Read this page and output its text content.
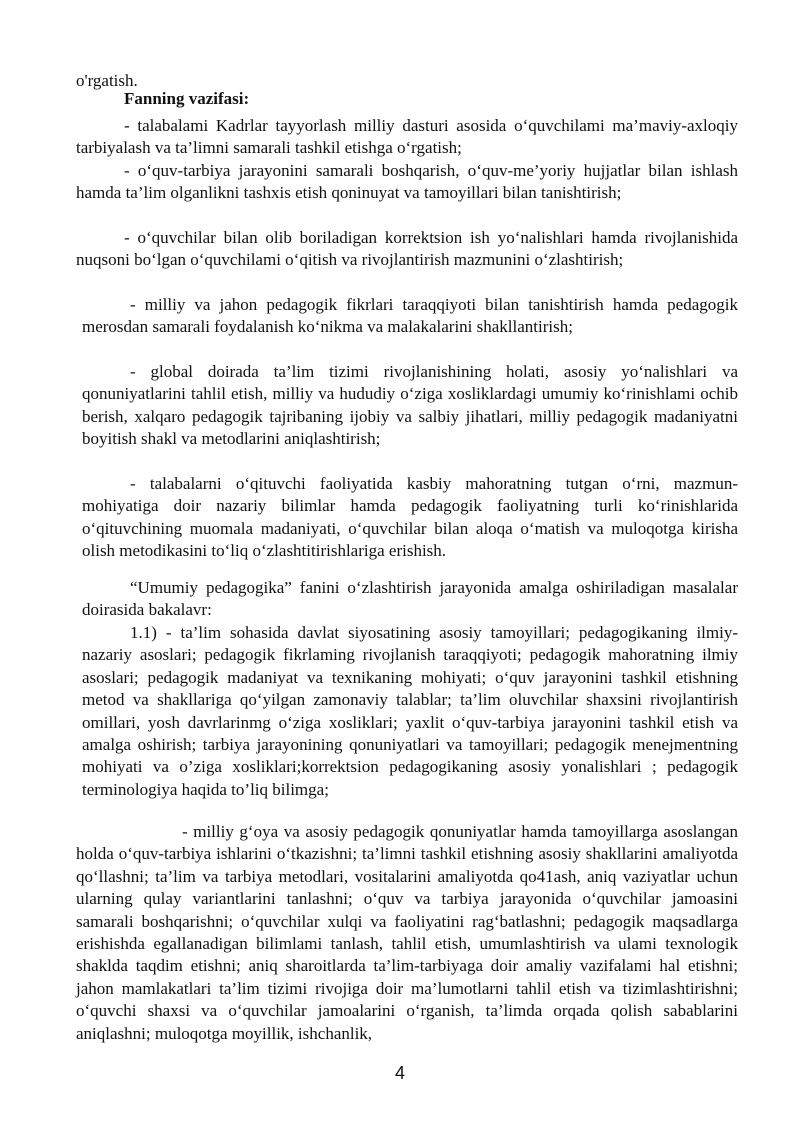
o'rgatish.

Fanning vazifasi:

- talabalami Kadrlar tayyorlash milliy dasturi asosida o‘quvchilami ma’maviy-axloqiy tarbiyalash va ta’limni samarali tashkil etishga o‘rgatish;

- o‘quv-tarbiya jarayonini samarali boshqarish, o‘quv-me’yoriy hujjatlar bilan ishlash hamda ta’lim olganlikni tashxis etish qoninuyat va tamoyillari bilan tanishtirish;

- o‘quvchilar bilan olib boriladigan korrektsion ish yo‘nalishlari hamda rivojlanishida nuqsoni bo‘lgan o‘quvchilami o‘qitish va rivojlantirish mazmunini o‘zlashtirish;

- milliy va jahon pedagogik fikrlari taraqqiyoti bilan tanishtirish hamda pedagogik merosdan samarali foydalanish ko‘nikma va malakalarini shakllantirish;

- global doirada ta’lim tizimi rivojlanishining holati, asosiy yo‘nalishlari va qonuniyatlarini tahlil etish, milliy va hududiy o‘ziga xosliklardagi umumiy ko‘rinishlami ochib berish, xalqaro pedagogik tajribaning ijobiy va salbiy jihatlari, milliy pedagogik madaniyatni boyitish shakl va metodlarini aniqlashtirish;

- talabalarni o‘qituvchi faoliyatida kasbiy mahoratning tutgan o‘rni, mazmun- mohiyatiga doir nazariy bilimlar hamda pedagogik faoliyatning turli ko‘rinishlarida o‘qituvchining muomala madaniyati, o‘quvchilar bilan aloqa o‘matish va muloqotga kirisha olish metodikasini to‘liq o‘zlashtitirishlariga erishish.

“Umumiy pedagogika” fanini o‘zlashtirish jarayonida amalga oshiriladigan masalalar doirasida bakalavr:

1.1) - ta’lim sohasida davlat siyosatining asosiy tamoyillari; pedagogikaning ilmiy-nazariy asoslari; pedagogik fikrlaming rivojlanish taraqqiyoti; pedagogik mahoratning ilmiy asoslari; pedagogik madaniyat va texnikaning mohiyati; o‘quv jarayonini tashkil etishning metod va shakllariga qo‘yilgan zamonaviy talablar; ta’lim oluvchilar shaxsini rivojlantirish omillari, yosh davrlarinmg o‘ziga xosliklari; yaxlit o‘quv-tarbiya jarayonini tashkil etish va amalga oshirish; tarbiya jarayonining qonuniyatlari va tamoyillari; pedagogik menejmentning mohiyati va o’ziga xosliklari;korrektsion pedagogikaning asosiy yonalishlari ; pedagogik terminologiya haqida to’liq bilimga;

- milliy g‘oya va asosiy pedagogik qonuniyatlar hamda tamoyillarga asoslangan holda o‘quv-tarbiya ishlarini o‘tkazishni; ta’limni tashkil etishning asosiy shakllarini amaliyotda qo‘llashni; ta’lim va tarbiya metodlari, vositalarini amaliyotda qo41ash, aniq vaziyatlar uchun ularning qulay variantlarini tanlashni; o‘quv va tarbiya jarayonida o‘quvchilar jamoasini samarali boshqarishni; o‘quvchilar xulqi va faoliyatini rag‘batlashni; pedagogik maqsadlarga erishishda egallanadigan bilimlami tanlash, tahlil etish, umumlashtirish va ulami texnologik shaklda taqdim etishni; aniq sharoitlarda ta’lim-tarbiyaga doir amaliy vazifalami hal etishni; jahon mamlakatlari ta’lim tizimi rivojiga doir ma’lumotlarni tahlil etish va tizimlashtirishni; o‘quvchi shaxsi va o‘quvchilar jamoalarini o‘rganish, ta’limda orqada qolish sabablarini aniqlashni; muloqotga moyillik, ishchanlik,

4
